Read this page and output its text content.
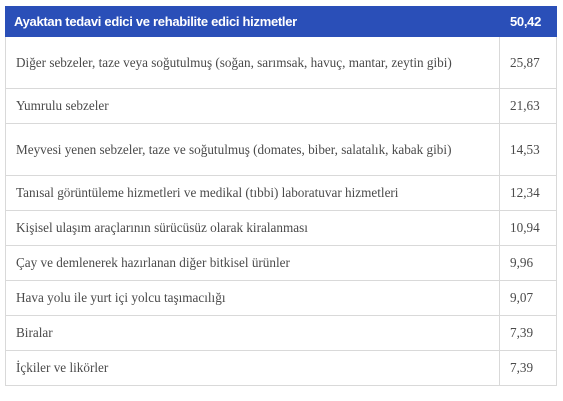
Ayaktan tedavi edici ve rehabilite edici hizmetler	50,42
Diğer sebzeler, taze veya soğutulmuş (soğan, sarımsak, havuç, mantar, zeytin gibi)	25,87
Yumrulu sebzeler	21,63
Meyvesi yenen sebzeler, taze ve soğutulmuş (domates, biber, salatalık, kabak gibi)	14,53
Tanısal görüntüleme hizmetleri ve medikal (tıbbi) laboratuvar hizmetleri	12,34
Kişisel ulaşım araçlarının sürücüsüz olarak kiralanması	10,94
Çay ve demlenerek hazırlanan diğer bitkisel ürünler	9,96
Hava yolu ile yurt içi yolcu taşımacılığı	9,07
Biralar	7,39
İçkiler ve likörler	7,39
